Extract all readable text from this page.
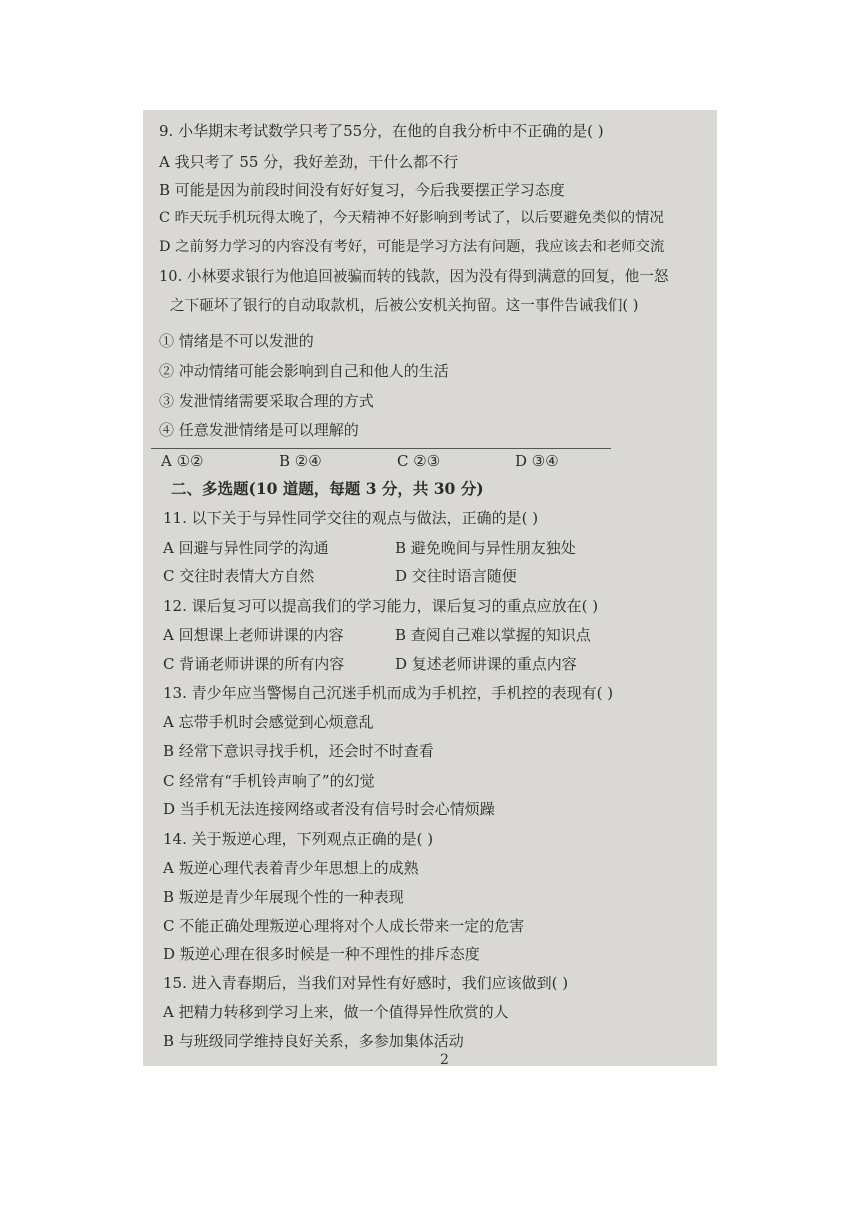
9. 小华期末考试数学只考了55分，在他的自我分析中不正确的是( )
A 我只考了 55 分，我好差劲，干什么都不行
B 可能是因为前段时间没有好好复习，今后我要摆正学习态度
C 昨天玩手机玩得太晚了，今天精神不好影响到考试了，以后要避免类似的情况
D 之前努力学习的内容没有考好，可能是学习方法有问题，我应该去和老师交流
10. 小林要求银行为他追回被骗而转的钱款，因为没有得到满意的回复，他一怒
之下砸坏了银行的自动取款机，后被公安机关拘留。这一事件告诫我们( )
① 情绪是不可以发泄的
② 冲动情绪可能会影响到自己和他人的生活
③ 发泄情绪需要采取合理的方式
④ 任意发泄情绪是可以理解的
A ①②	B ②④	C ②③	D ③④
二、多选题(10 道题，每题 3 分，共 30 分)
11. 以下关于与异性同学交往的观点与做法，正确的是( )
A 回避与异性同学的沟通	B 避免晚间与异性朋友独处
C 交往时表情大方自然	D 交往时语言随便
12. 课后复习可以提高我们的学习能力，课后复习的重点应放在( )
A 回想课上老师讲课的内容	B 查阅自己难以掌握的知识点
C 背诵老师讲课的所有内容	D 复述老师讲课的重点内容
13. 青少年应当警惕自己沉迷手机而成为手机控，手机控的表现有( )
A 忘带手机时会感觉到心烦意乱
B 经常下意识寻找手机，还会时不时查看
C 经常有“手机铃声响了”的幻觉
D 当手机无法连接网络或者没有信号时会心情烦躁
14. 关于叛逆心理，下列观点正确的是( )
A 叛逆心理代表着青少年思想上的成熟
B 叛逆是青少年展现个性的一种表现
C 不能正确处理叛逆心理将对个人成长带来一定的危害
D 叛逆心理在很多时候是一种不理性的排斥态度
15. 进入青春期后，当我们对异性有好感时，我们应该做到( )
A 把精力转移到学习上来，做一个值得异性欣赏的人
B 与班级同学维持良好关系，多参加集体活动
2
